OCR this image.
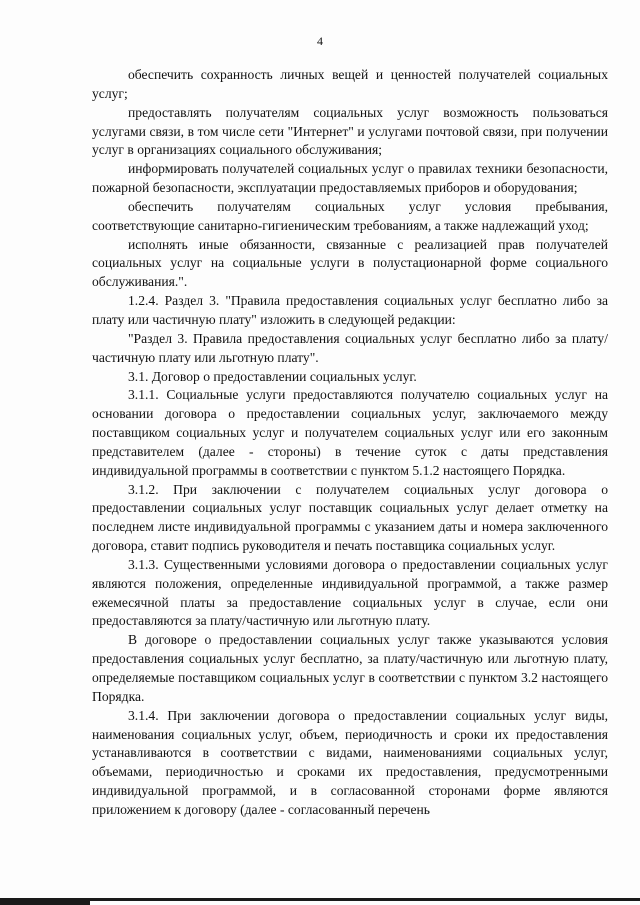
4

обеспечить сохранность личных вещей и ценностей получателей социальных услуг;

предоставлять получателям социальных услуг возможность пользоваться услугами связи, в том числе сети "Интернет" и услугами почтовой связи, при получении услуг в организациях социального обслуживания;

информировать получателей социальных услуг о правилах техники безопасности, пожарной безопасности, эксплуатации предоставляемых приборов и оборудования;

обеспечить получателям социальных услуг условия пребывания, соответствующие санитарно-гигиеническим требованиям, а также надлежащий уход;

исполнять иные обязанности, связанные с реализацией прав получателей социальных услуг на социальные услуги в полустационарной форме социального обслуживания.".

1.2.4. Раздел 3. "Правила предоставления социальных услуг бесплатно либо за плату или частичную плату" изложить в следующей редакции:

"Раздел 3. Правила предоставления социальных услуг бесплатно либо за плату/частичную плату или льготную плату".

3.1. Договор о предоставлении социальных услуг.

3.1.1. Социальные услуги предоставляются получателю социальных услуг на основании договора о предоставлении социальных услуг, заключаемого между поставщиком социальных услуг и получателем социальных услуг или его законным представителем (далее - стороны) в течение суток с даты представления индивидуальной программы в соответствии с пунктом 5.1.2 настоящего Порядка.

3.1.2. При заключении с получателем социальных услуг договора о предоставлении социальных услуг поставщик социальных услуг делает отметку на последнем листе индивидуальной программы с указанием даты и номера заключенного договора, ставит подпись руководителя и печать поставщика социальных услуг.

3.1.3. Существенными условиями договора о предоставлении социальных услуг являются положения, определенные индивидуальной программой, а также размер ежемесячной платы за предоставление социальных услуг в случае, если они предоставляются за плату/частичную или льготную плату.

В договоре о предоставлении социальных услуг также указываются условия предоставления социальных услуг бесплатно, за плату/частичную или льготную плату, определяемые поставщиком социальных услуг в соответствии с пунктом 3.2 настоящего Порядка.

3.1.4. При заключении договора о предоставлении социальных услуг виды, наименования социальных услуг, объем, периодичность и сроки их предоставления устанавливаются в соответствии с видами, наименованиями социальных услуг, объемами, периодичностью и сроками их предоставления, предусмотренными индивидуальной программой, и в согласованной сторонами форме являются приложением к договору (далее - согласованный перечень
